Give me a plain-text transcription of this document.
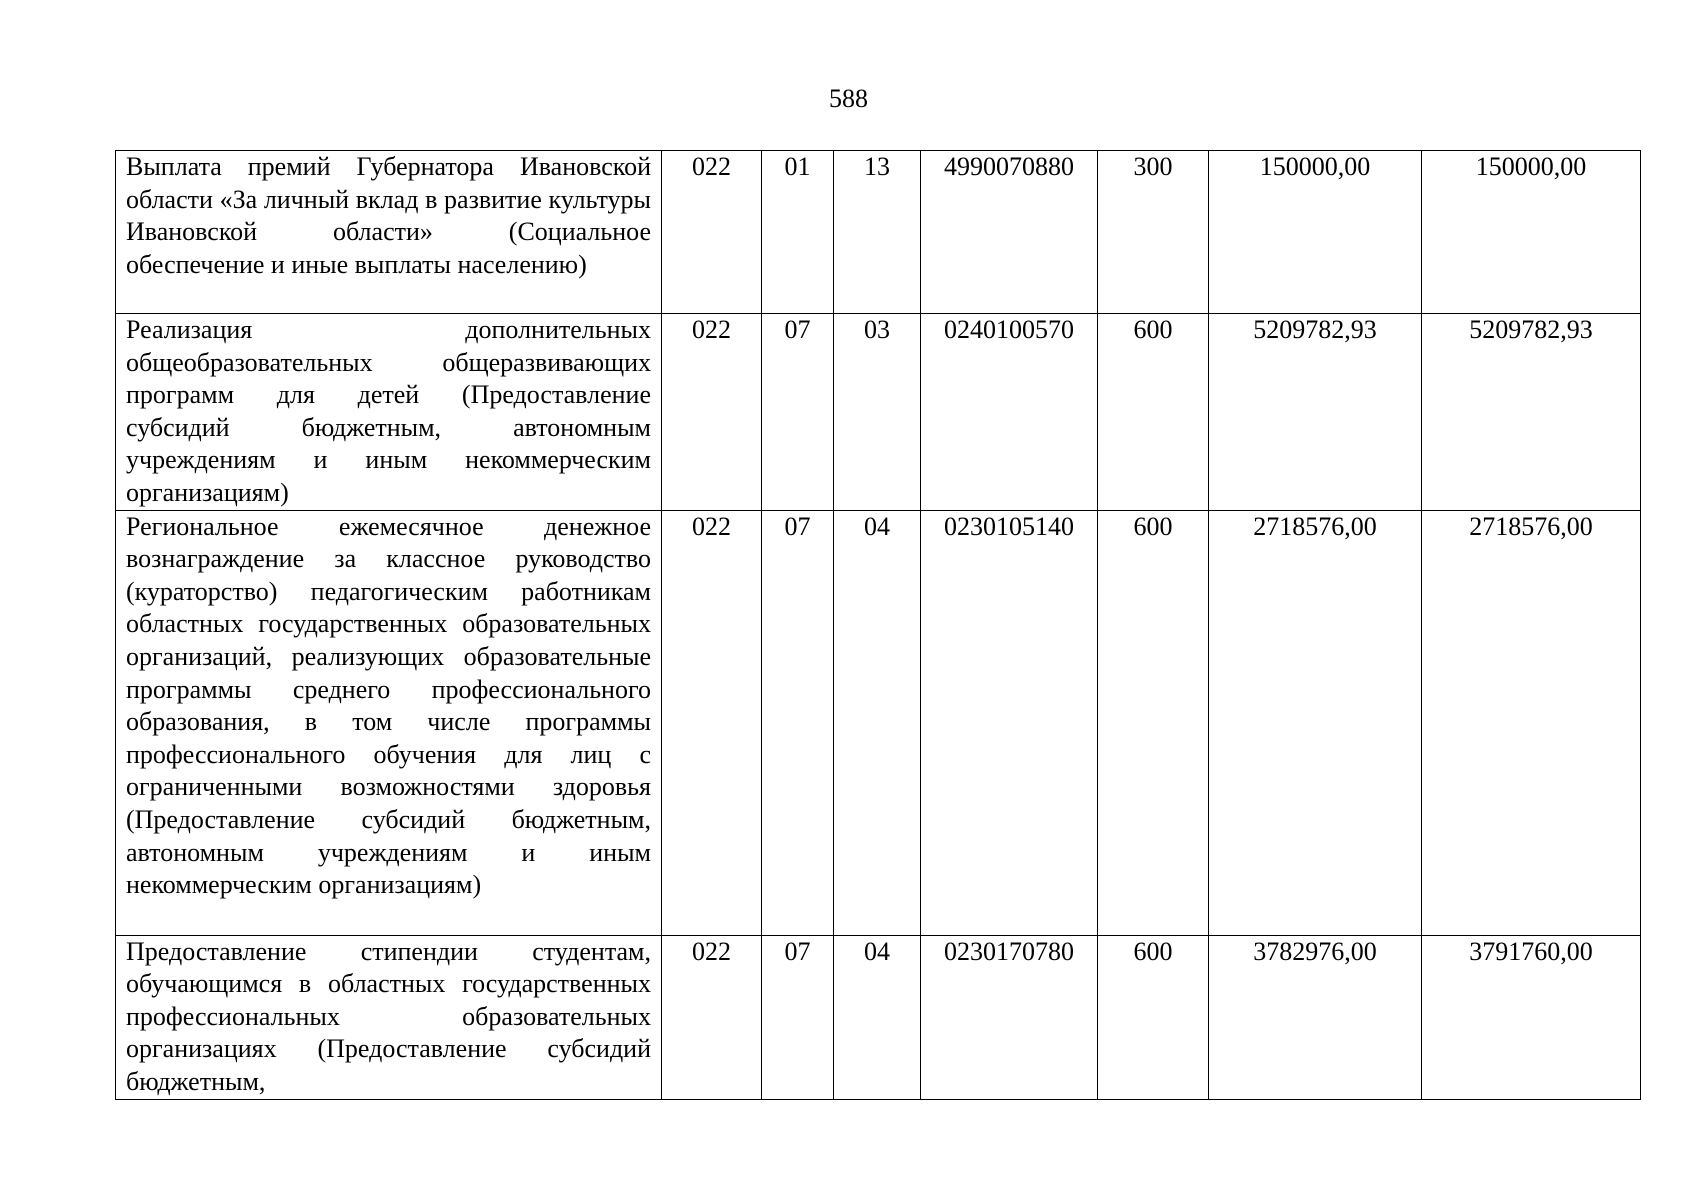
588
Выплата премий Губернатора Ивановской области «За личный вклад в развитие культуры Ивановской области» (Социальное обеспечение и иные выплаты населению)	022	01	13	4990070880	300	150000,00	150000,00
Реализация дополнительных общеобразовательных общеразвивающих программ для детей (Предоставление субсидий бюджетным, автономным учреждениям и иным некоммерческим организациям)	022	07	03	0240100570	600	5209782,93	5209782,93
Региональное ежемесячное денежное вознаграждение за классное руководство (кураторство) педагогическим работникам областных государственных образовательных организаций, реализующих образовательные программы среднего профессионального образования, в том числе программы профессионального обучения для лиц с ограниченными возможностями здоровья (Предоставление субсидий бюджетным, автономным учреждениям и иным некоммерческим организациям)	022	07	04	0230105140	600	2718576,00	2718576,00
Предоставление стипендии студентам, обучающимся в областных государственных профессиональных образовательных организациях (Предоставление субсидий бюджетным,	022	07	04	0230170780	600	3782976,00	3791760,00
